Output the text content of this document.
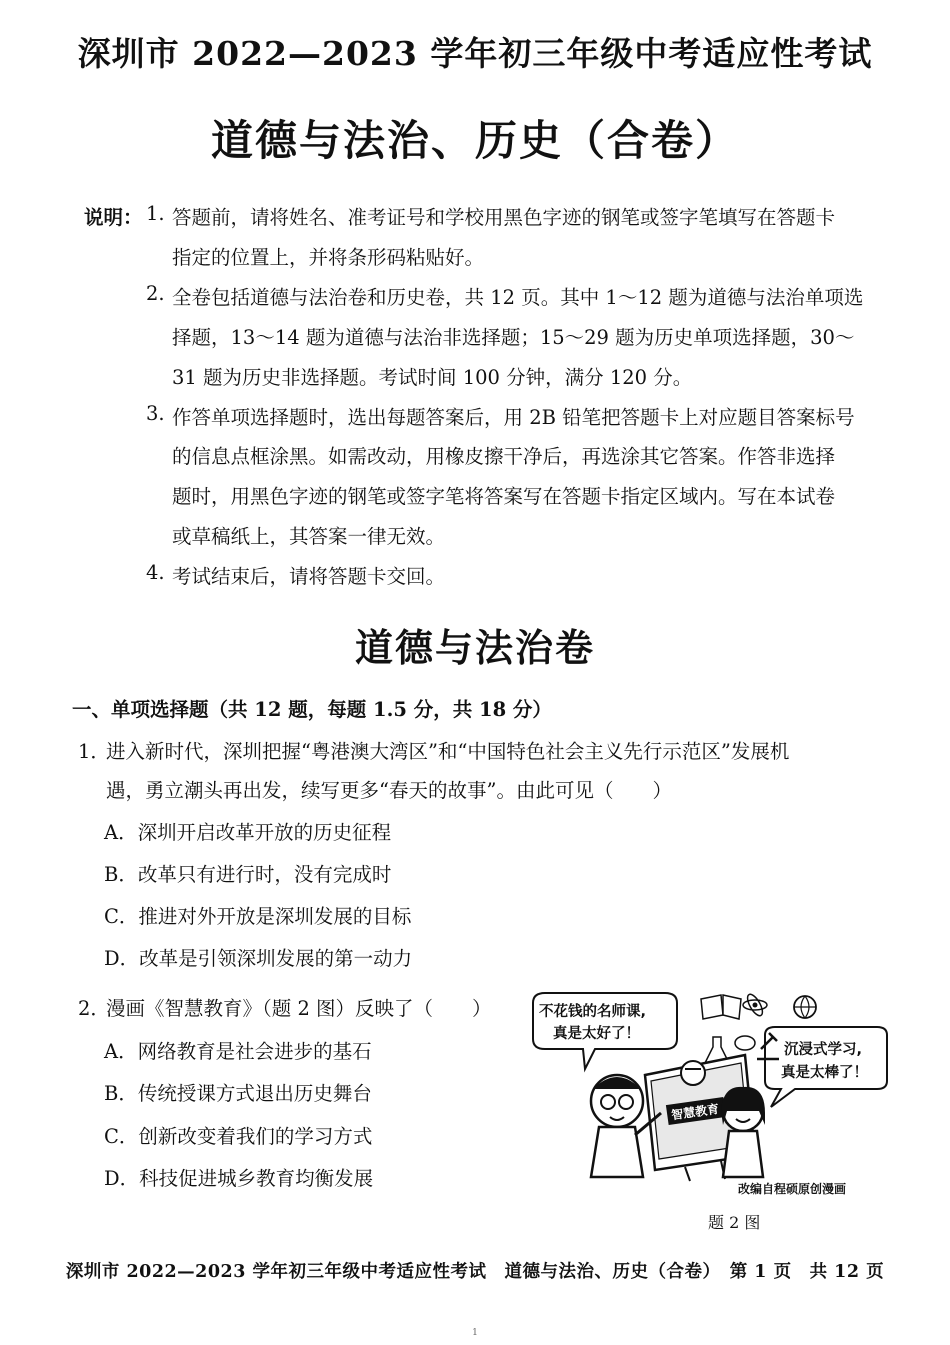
深圳市 2022—2023 学年初三年级中考适应性考试
道德与法治、历史（合卷）
说明： 1. 答题前，请将姓名、准考证号和学校用黑色字迹的钢笔或签字笔填写在答题卡
指定的位置上，并将条形码粘贴好。
2. 全卷包括道德与法治卷和历史卷，共 12 页。其中 1～12 题为道德与法治单项选
择题，13～14 题为道德与法治非选择题；15～29 题为历史单项选择题，30～
31 题为历史非选择题。考试时间 100 分钟，满分 120 分。
3. 作答单项选择题时，选出每题答案后，用 2B 铅笔把答题卡上对应题目答案标号
的信息点框涂黑。如需改动，用橡皮擦干净后，再选涂其它答案。作答非选择
题时，用黑色字迹的钢笔或签字笔将答案写在答题卡指定区域内。写在本试卷
或草稿纸上，其答案一律无效。
4. 考试结束后，请将答题卡交回。
道德与法治卷
一、单项选择题（共 12 题，每题 1.5 分，共 18 分）
1．
进入新时代，深圳把握“粤港澳大湾区”和“中国特色社会主义先行示范区”发展机
遇，勇立潮头再出发，续写更多“春天的故事”。由此可见（　　）
A．深圳开启改革开放的历史征程
B．改革只有进行时，没有完成时
C．推进对外开放是深圳发展的目标
D．改革是引领深圳发展的第一动力
2．
漫画《智慧教育》（题 2 图）反映了（　　）
A．网络教育是社会进步的基石
B．传统授课方式退出历史舞台
C．创新改变着我们的学习方式
D．科技促进城乡教育均衡发展
不花钱的名师课,
真是太好了！
沉浸式学习,
真是太棒了！
智慧教育
改编自程硕原创漫画
题 2 图
深圳市 2022—2023 学年初三年级中考适应性考试　道德与法治、历史（合卷）　第 1 页　共 12 页
1
